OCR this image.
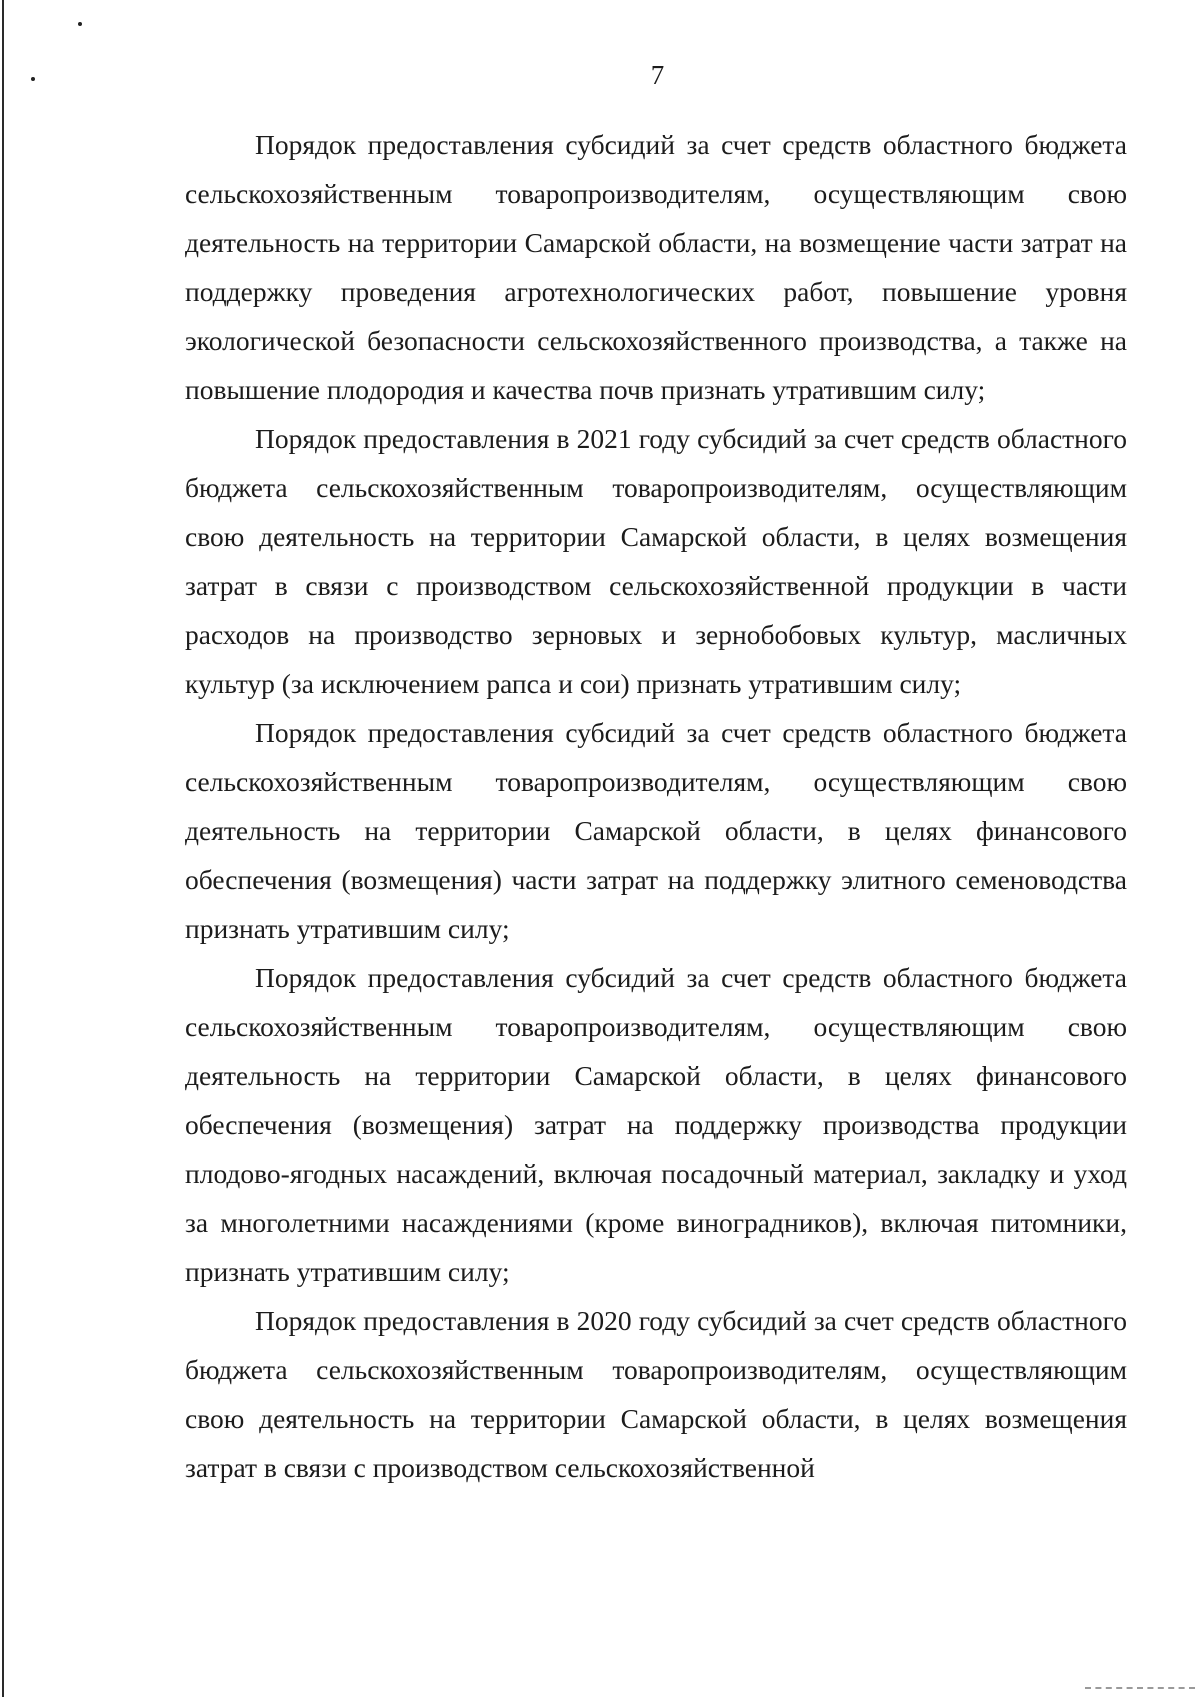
7

Порядок предоставления субсидий за счет средств областного бюджета сельскохозяйственным товаропроизводителям, осуществляющим свою деятельность на территории Самарской области, на возмещение части затрат на поддержку проведения агротехнологических работ, повышение уровня экологической безопасности сельскохозяйственного производства, а также на повышение плодородия и качества почв признать утратившим силу;

Порядок предоставления в 2021 году субсидий за счет средств областного бюджета сельскохозяйственным товаропроизводителям, осуществляющим свою деятельность на территории Самарской области, в целях возмещения затрат в связи с производством сельскохозяйственной продукции в части расходов на производство зерновых и зернобобовых культур, масличных культур (за исключением рапса и сои) признать утратившим силу;

Порядок предоставления субсидий за счет средств областного бюджета сельскохозяйственным товаропроизводителям, осуществляющим свою деятельность на территории Самарской области, в целях финансового обеспечения (возмещения) части затрат на поддержку элитного семеноводства признать утратившим силу;

Порядок предоставления субсидий за счет средств областного бюджета сельскохозяйственным товаропроизводителям, осуществляющим свою деятельность на территории Самарской области, в целях финансового обеспечения (возмещения) затрат на поддержку производства продукции плодово-ягодных насаждений, включая посадочный материал, закладку и уход за многолетними насаждениями (кроме виноградников), включая питомники, признать утратившим силу;

Порядок предоставления в 2020 году субсидий за счет средств областного бюджета сельскохозяйственным товаропроизводителям, осуществляющим свою деятельность на территории Самарской области, в целях возмещения затрат в связи с производством сельскохозяйственной
